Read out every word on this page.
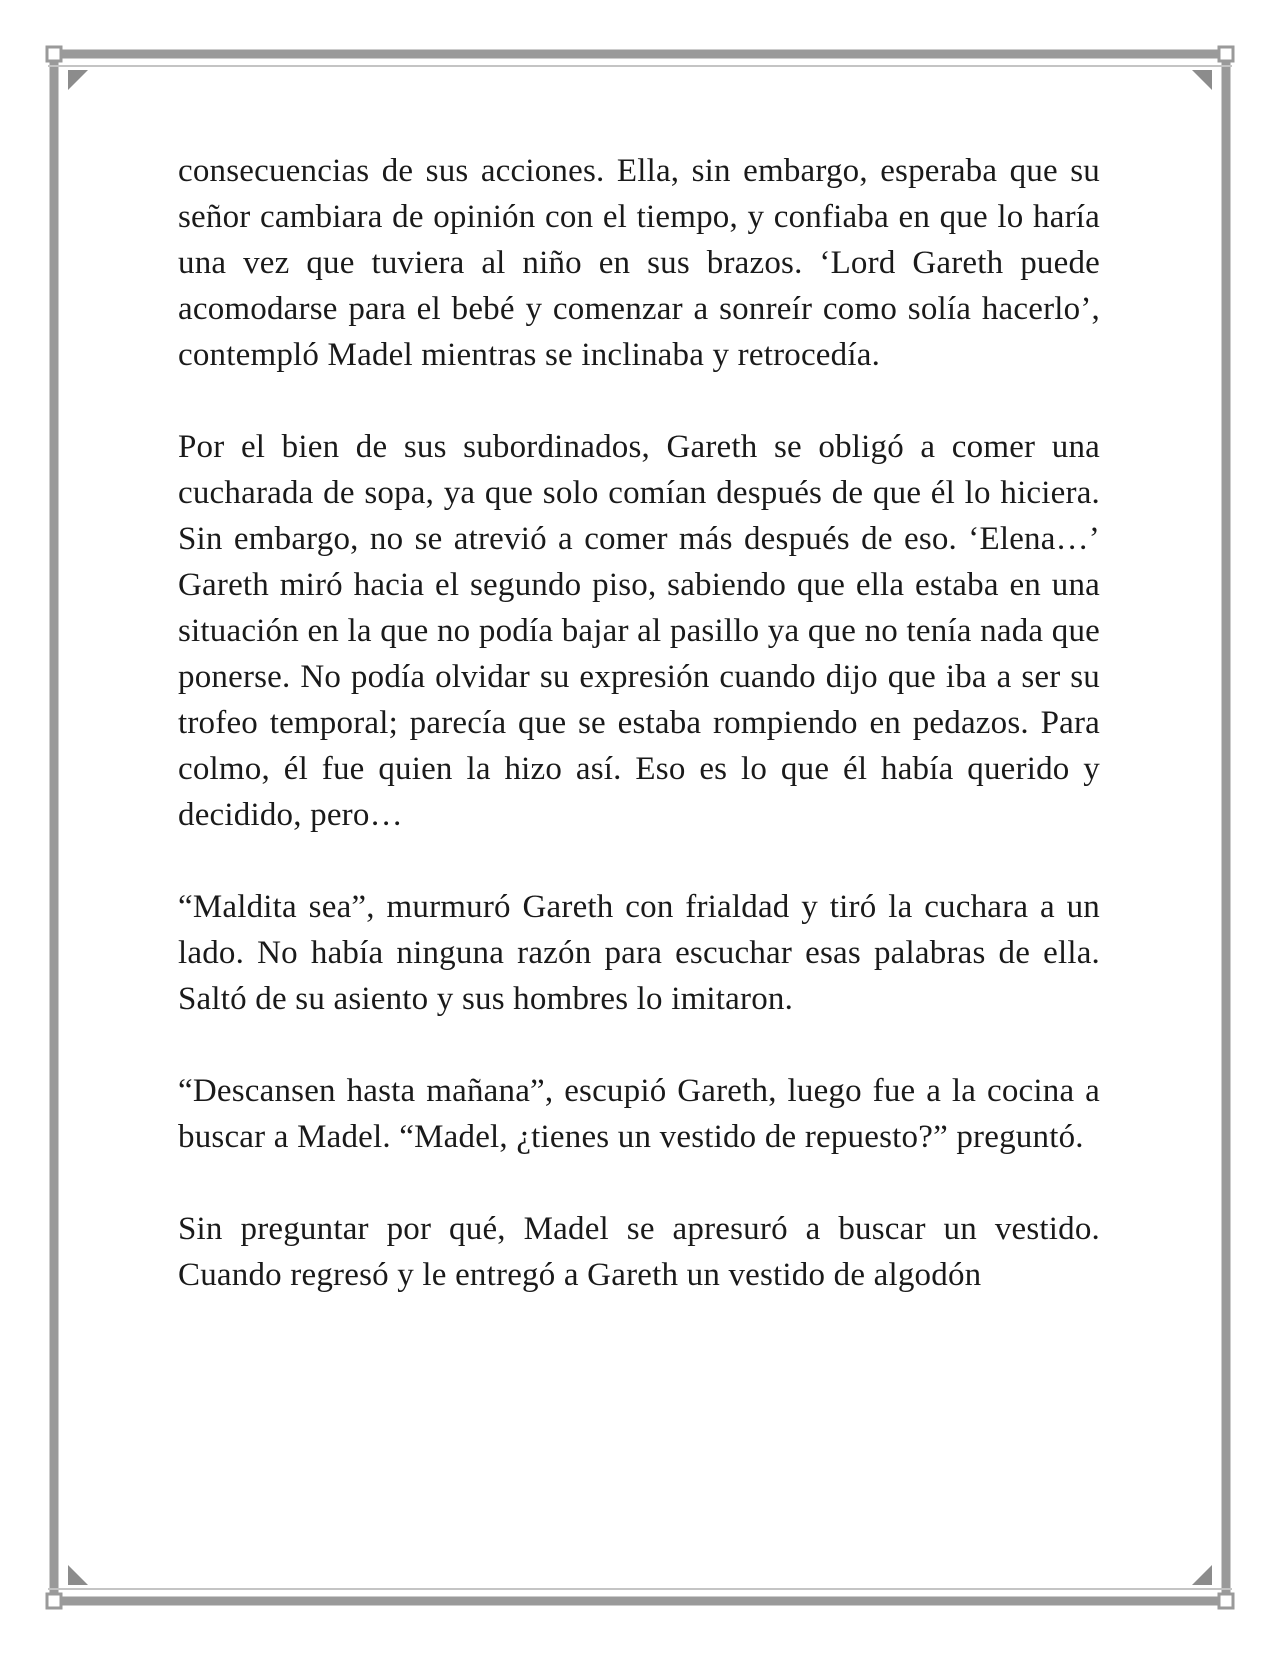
consecuencias de sus acciones. Ella, sin embargo, esperaba que su señor cambiara de opinión con el tiempo, y confiaba en que lo haría una vez que tuviera al niño en sus brazos. ‘Lord Gareth puede acomodarse para el bebé y comenzar a sonreír como solía hacerlo’, contempló Madel mientras se inclinaba y retrocedía.

Por el bien de sus subordinados, Gareth se obligó a comer una cucharada de sopa, ya que solo comían después de que él lo hiciera. Sin embargo, no se atrevió a comer más después de eso. ‘Elena…’ Gareth miró hacia el segundo piso, sabiendo que ella estaba en una situación en la que no podía bajar al pasillo ya que no tenía nada que ponerse. No podía olvidar su expresión cuando dijo que iba a ser su trofeo temporal; parecía que se estaba rompiendo en pedazos. Para colmo, él fue quien la hizo así. Eso es lo que él había querido y decidido, pero…

“Maldita sea”, murmuró Gareth con frialdad y tiró la cuchara a un lado. No había ninguna razón para escuchar esas palabras de ella. Saltó de su asiento y sus hombres lo imitaron.

“Descansen hasta mañana”, escupió Gareth, luego fue a la cocina a buscar a Madel. “Madel, ¿tienes un vestido de repuesto?” preguntó.

Sin preguntar por qué, Madel se apresuró a buscar un vestido. Cuando regresó y le entregó a Gareth un vestido de algodón
